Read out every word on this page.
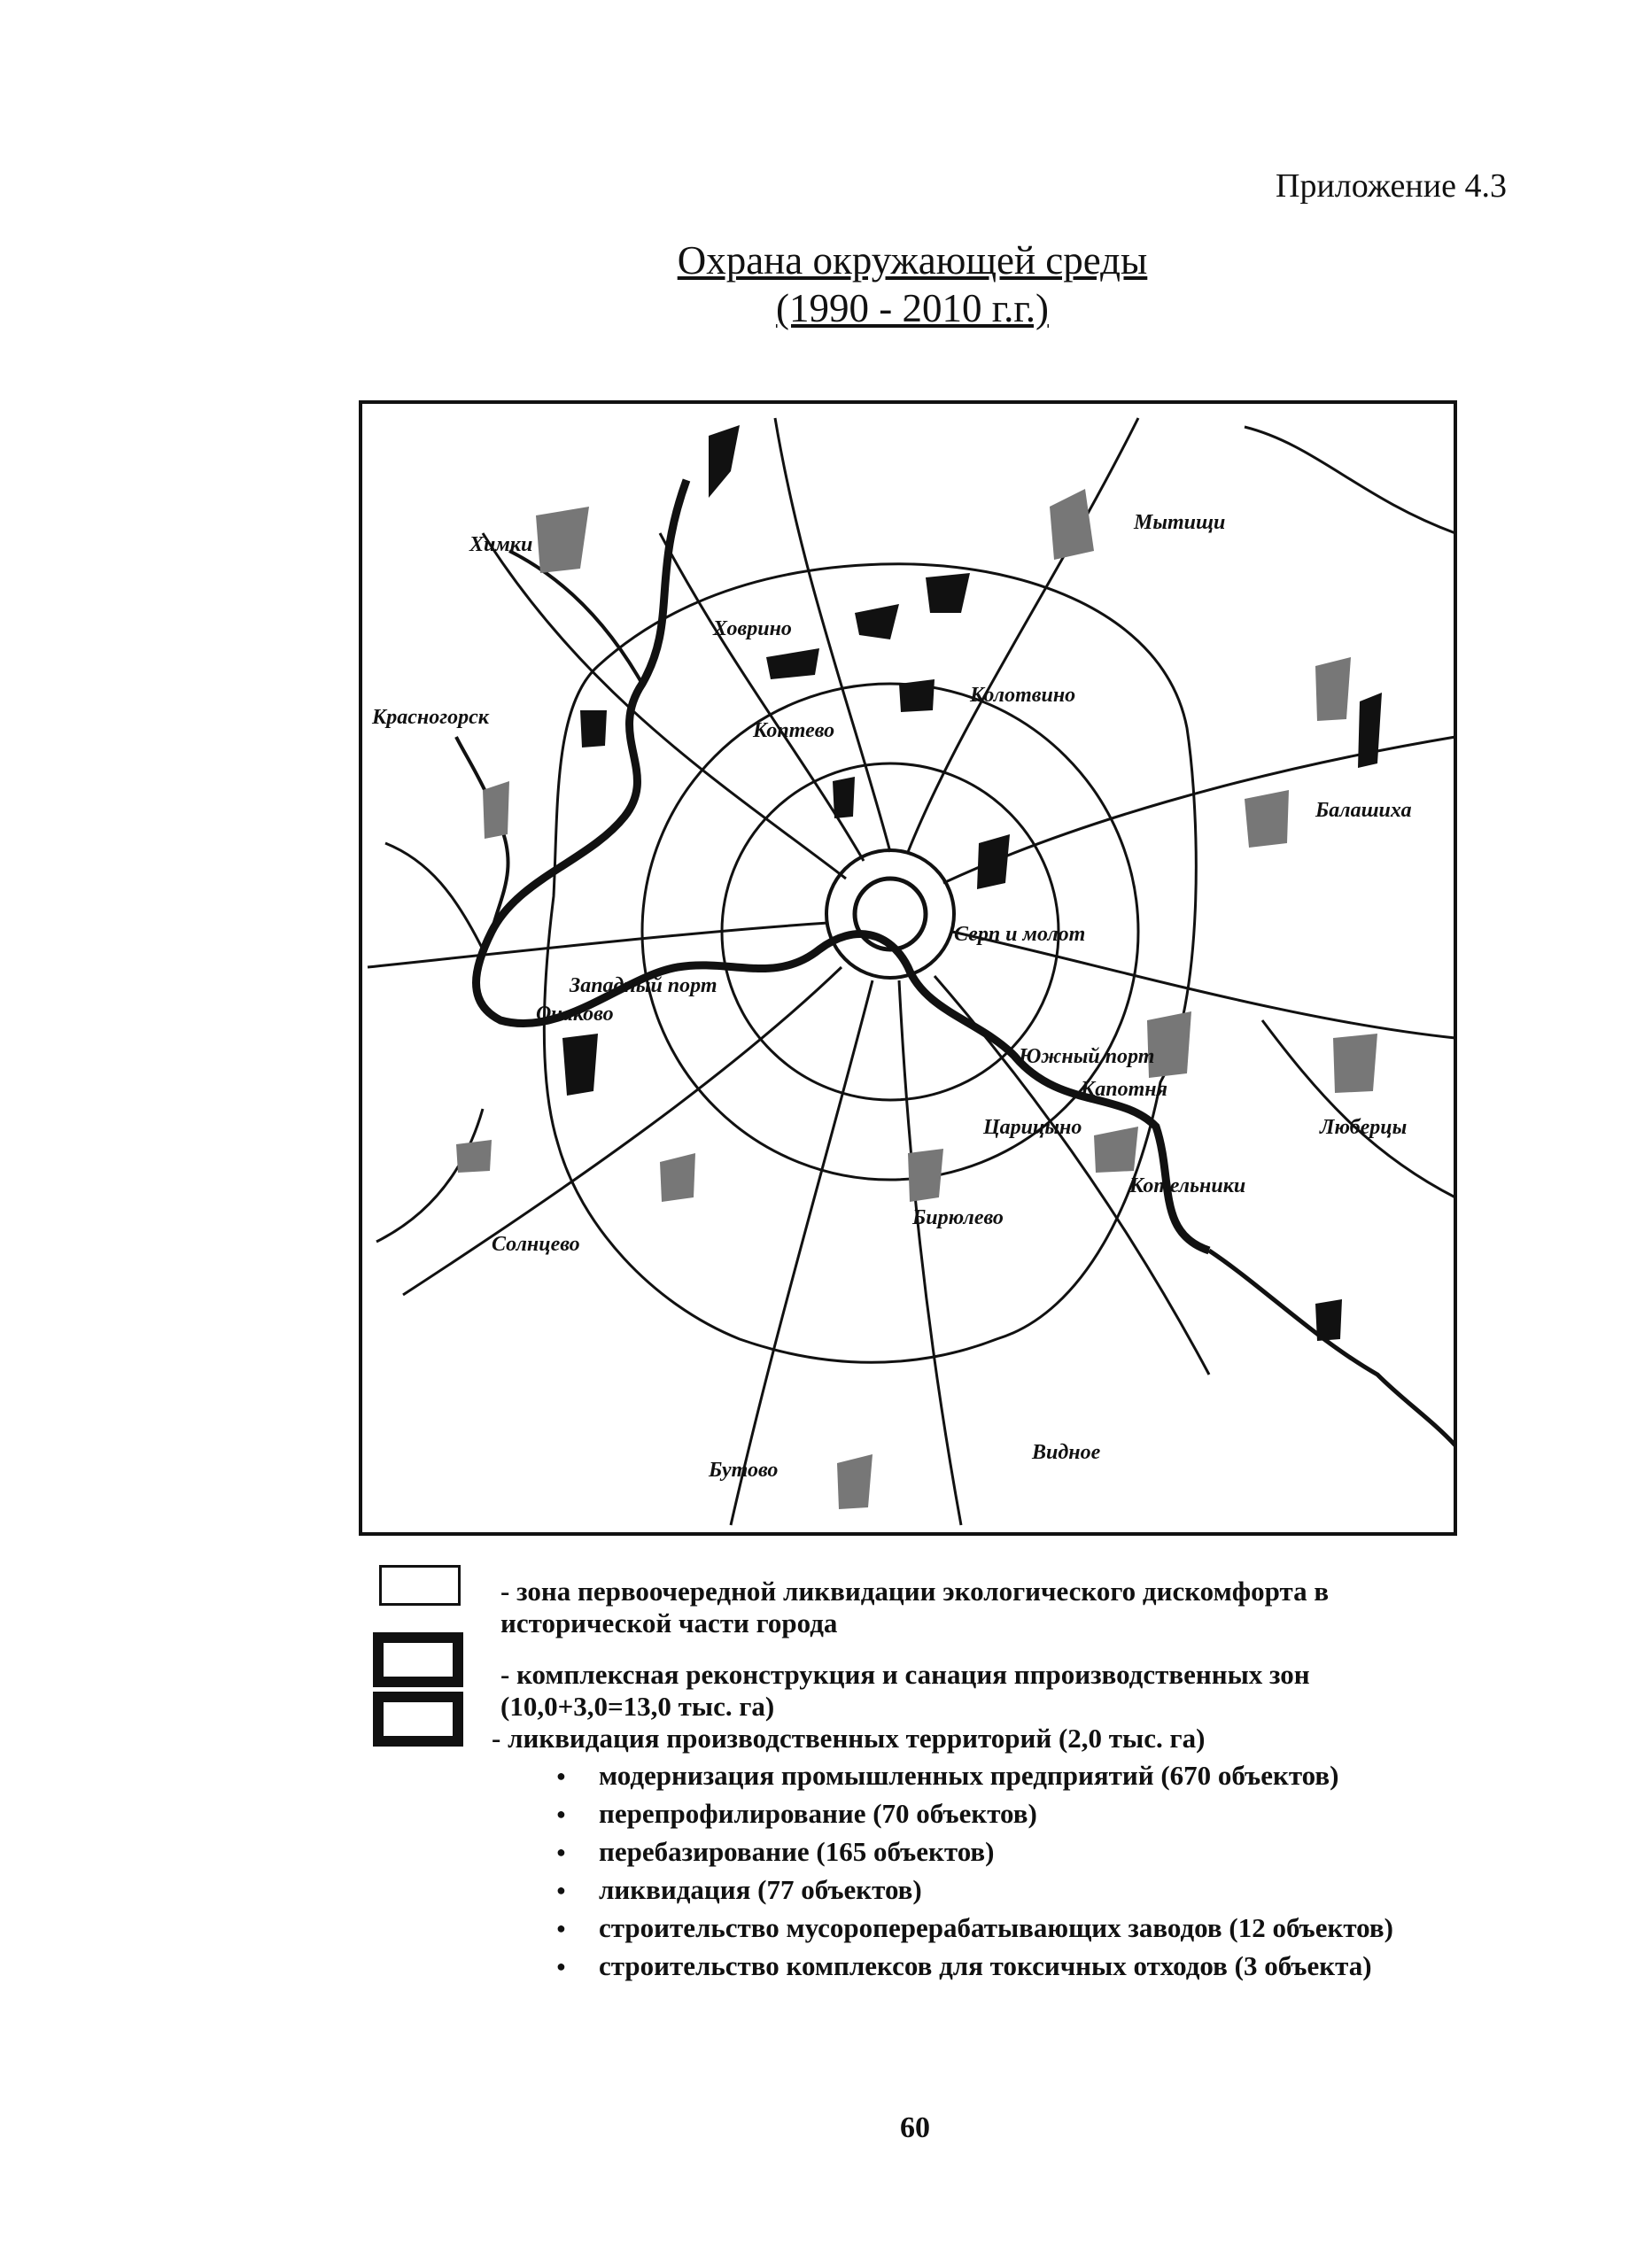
Приложение 4.3
Охрана окружающей среды
(1990 - 2010 г.г.)
Химки
Мытищи
Ховрино
Колотвино
Красногорск
Коптево
Балашиха
Серп и молот
Западный порт
Очаково
Южный порт
Капотня
Люберцы
Царицыно
Котельники
Бирюлево
Солнцево
Бутово
Видное
- зона первоочередной ликвидации экологического дискомфорта в исторической части города
- комплексная реконструкция и санация ппроизводственных зон (10,0+3,0=13,0 тыс. га)
- ликвидация производственных территорий (2,0 тыс. га)
● модернизация промышленных предприятий (670 объектов)
● перепрофилирование (70 объектов)
● перебазирование (165 объектов)
● ликвидация (77 объектов)
● строительство мусороперерабатывающих заводов (12 объектов)
● строительство комплексов для токсичных отходов (3 объекта)
60
